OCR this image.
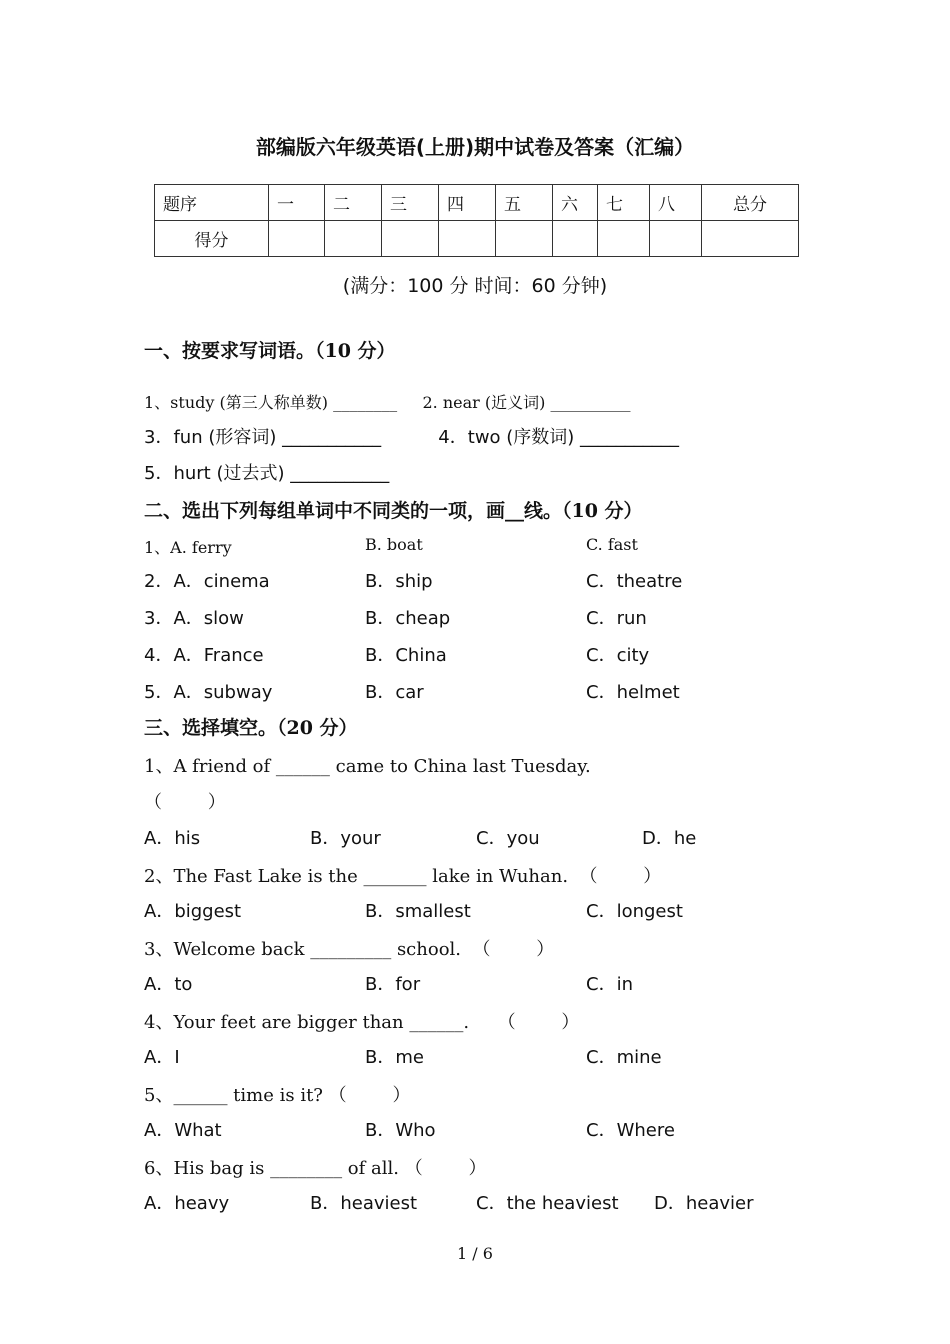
部编版六年级英语(上册)期中试卷及答案（汇编）
题序	一	二	三	四	五	六	七	八	总分
得分									
(满分：100 分 时间：60 分钟)
一、按要求写词语。（10 分）
1、study (第三人称单数) ________     2. near (近义词) __________
3．fun (形容词) ___________          4．two (序数词) ___________
5．hurt (过去式) ___________
二、选出下列每组单词中不同类的一项，画__线。（10 分）
1、A. ferry	B. boat	C. fast
2．A．cinema	B．ship	C．theatre
3．A．slow	B．cheap	C．run
4．A．France	B．China	C．city
5．A．subway	B．car	C．helmet
三、选择填空。（20 分）
1、A friend of ______ came to China last Tuesday.
（        ）
A．his	B．your	C．you	D．he
2、The Fast Lake is the _______ lake in Wuhan.  （        ）
A．biggest	B．smallest	C．longest
3、Welcome back _________ school.  （        ）
A．to	B．for	C．in
4、Your feet are bigger than ______.     （        ）
A．I	B．me	C．mine
5、______ time is it? （        ）
A．What	B．Who	C．Where
6、His bag is ________ of all. （        ）
A．heavy	B．heaviest	C．the heaviest D．heavier
1 / 6
